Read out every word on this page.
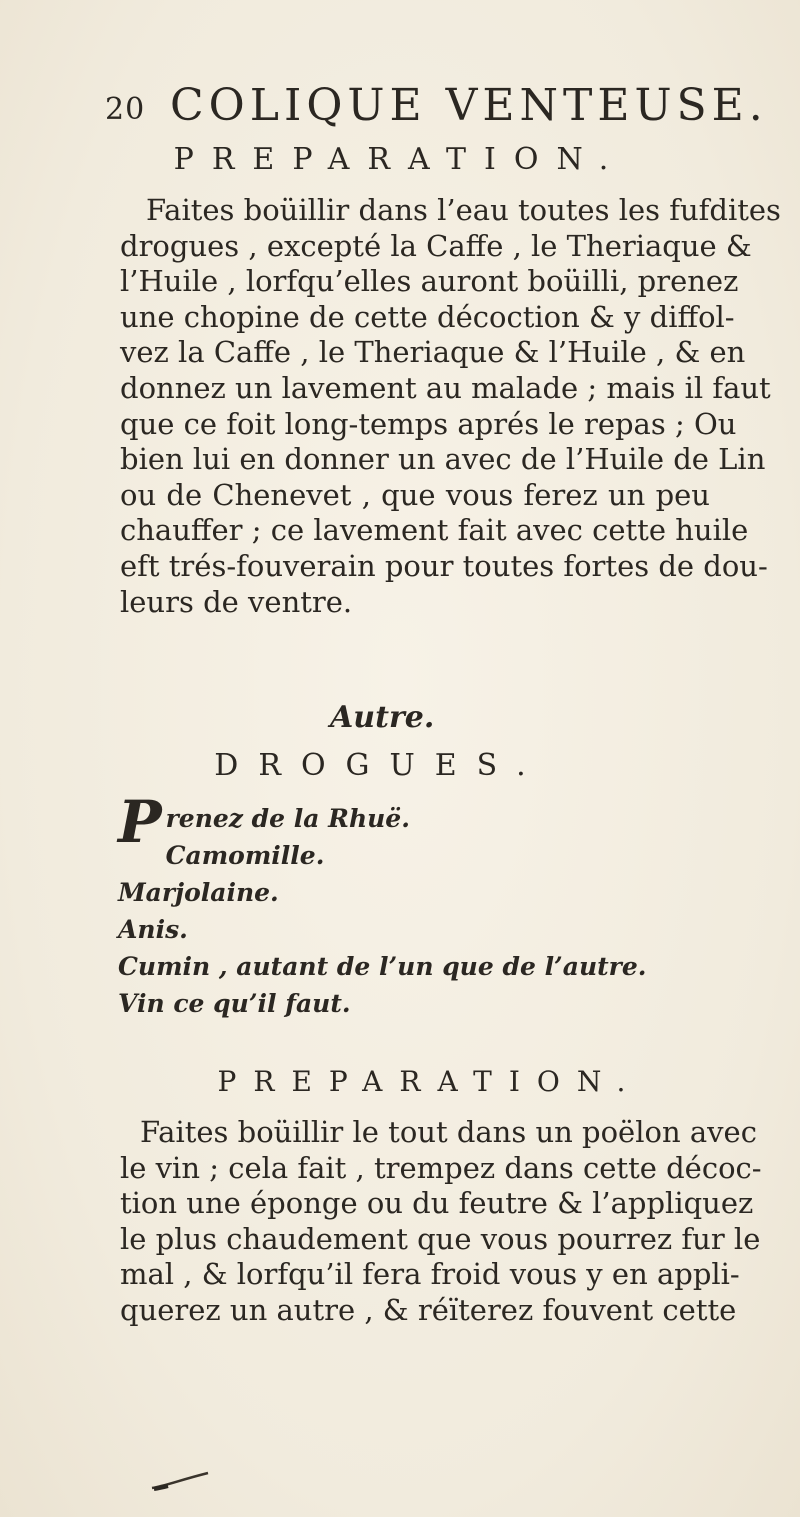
20 COLIQUE VENTEUSE.
PREPARATION.
Faites boüillir dans l’eau toutes les fufdites
drogues , excepté la Caffe , le Theriaque &
l’Huile , lorfqu’elles auront boüilli, prenez
une chopine de cette décoction & y diffol-
vez la Caffe , le Theriaque & l’Huile , & en
donnez un lavement au malade ; mais il faut
que ce foit long-temps aprés le repas ; Ou
bien lui en donner un avec de l’Huile de Lin
ou de Chenevet , que vous ferez un peu
chauffer ; ce lavement fait avec cette huile
eft trés-fouverain pour toutes fortes de dou-
leurs de ventre.
Autre.
DROGUES.
Prenez de la Rhuë.
Camomille.
Marjolaine.
Anis.
Cumin , autant de l’un que de l’autre.
Vin ce qu’il faut.
PREPARATION.
Faites boüillir le tout dans un poëlon avec
le vin ; cela fait , trempez dans cette décoc-
tion une éponge ou du feutre & l’appliquez
le plus chaudement que vous pourrez fur le
mal , & lorfqu’il fera froid vous y en appli-
querez un autre , & réïterez fouvent cette
